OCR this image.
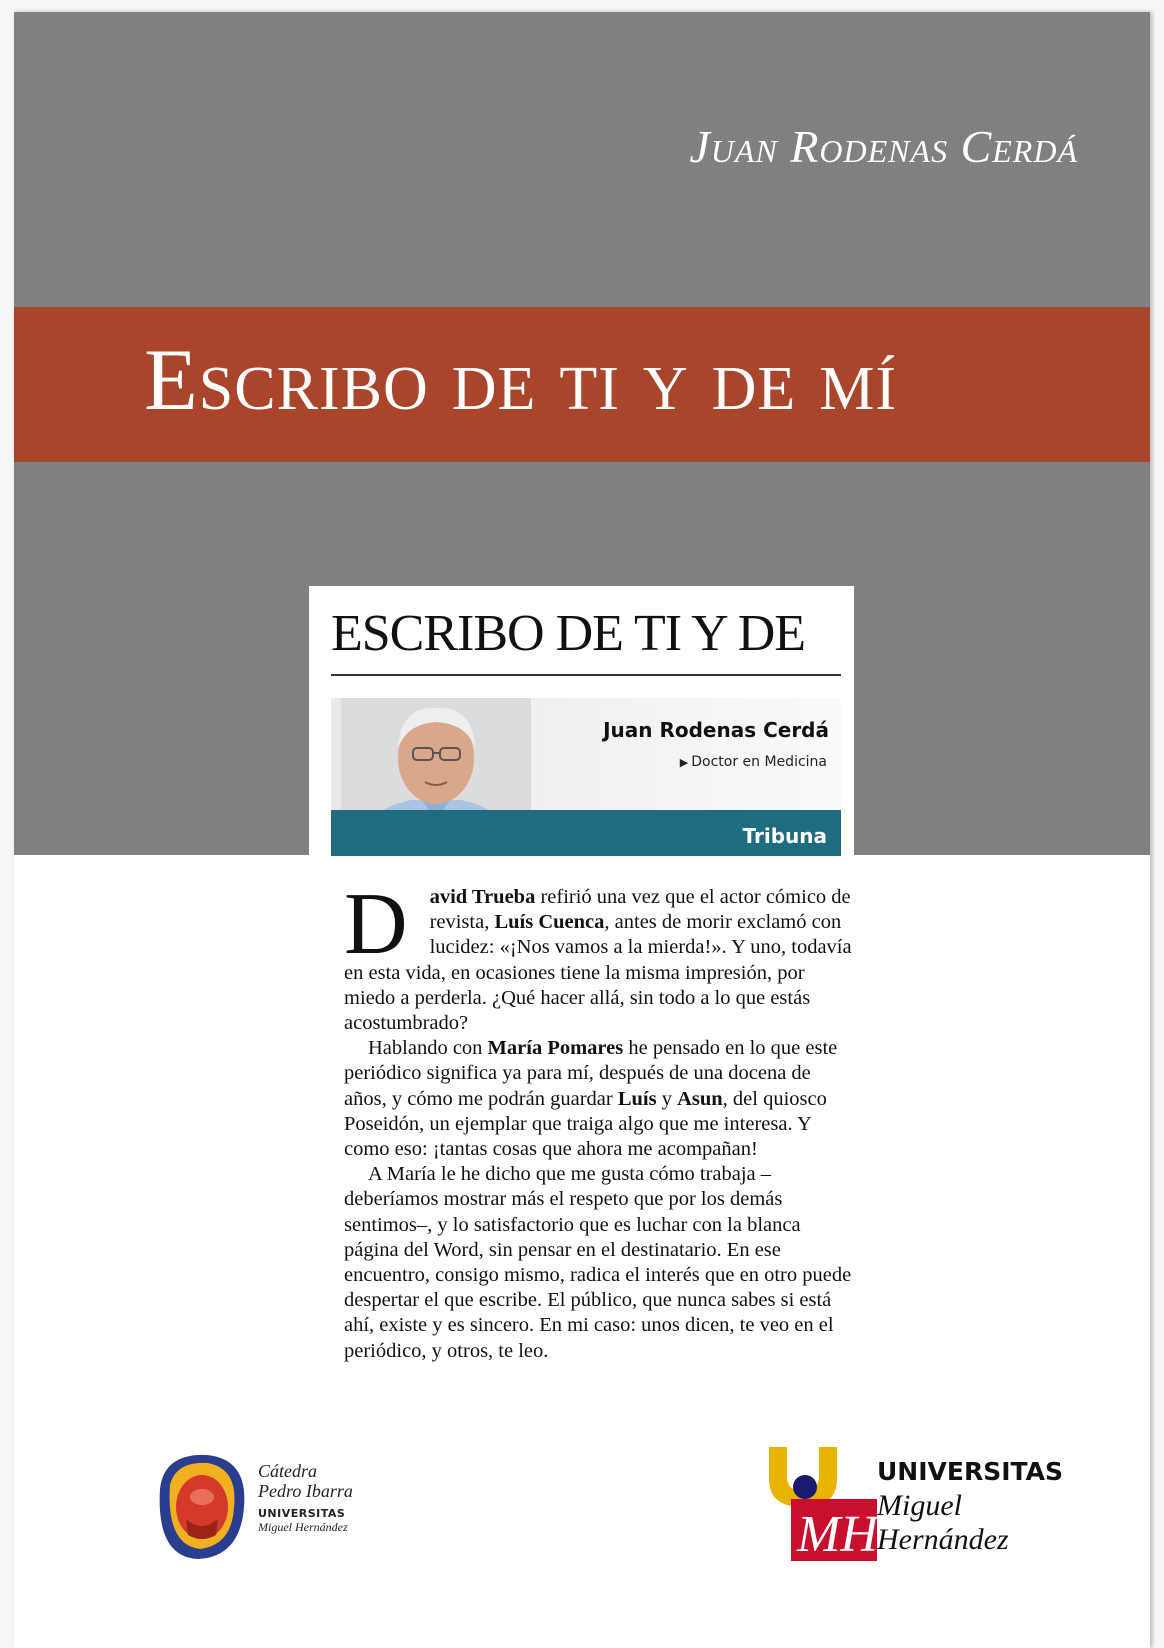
Juan Rodenas Cerdá
Escribo de ti y de mí
ESCRIBO DE TI Y DE
Juan Rodenas Cerdá
▶ Doctor en Medicina
Tribuna

D avid Trueba refirió una vez que el actor cómico de revista, Luís Cuenca, antes de morir exclamó con lucidez: «¡Nos vamos a la mierda!». Y uno, todavía en esta vida, en ocasiones tiene la misma impresión, por miedo a perderla. ¿Qué hacer allá, sin todo a lo que estás acostumbrado?

Hablando con María Pomares he pensado en lo que este periódico significa ya para mí, después de una docena de años, y cómo me podrán guardar Luís y Asun, del quiosco Poseidón, un ejemplar que traiga algo que me interesa. Y como eso: ¡tantas cosas que ahora me acompañan!

A María le he dicho que me gusta cómo trabaja –deberíamos mostrar más el respeto que por los demás sentimos–, y lo satisfactorio que es luchar con la blanca página del Word, sin pensar en el destinatario. En ese encuentro, consigo mismo, radica el interés que en otro puede despertar el que escribe. El público, que nunca sabes si está ahí, existe y es sincero. En mi caso: unos dicen, te veo en el periódico, y otros, te leo.

Cátedra
Pedro Ibarra
UNIVERSITAS
Miguel Hernández	MH
UNIVERSITAS
Miguel
Hernández
